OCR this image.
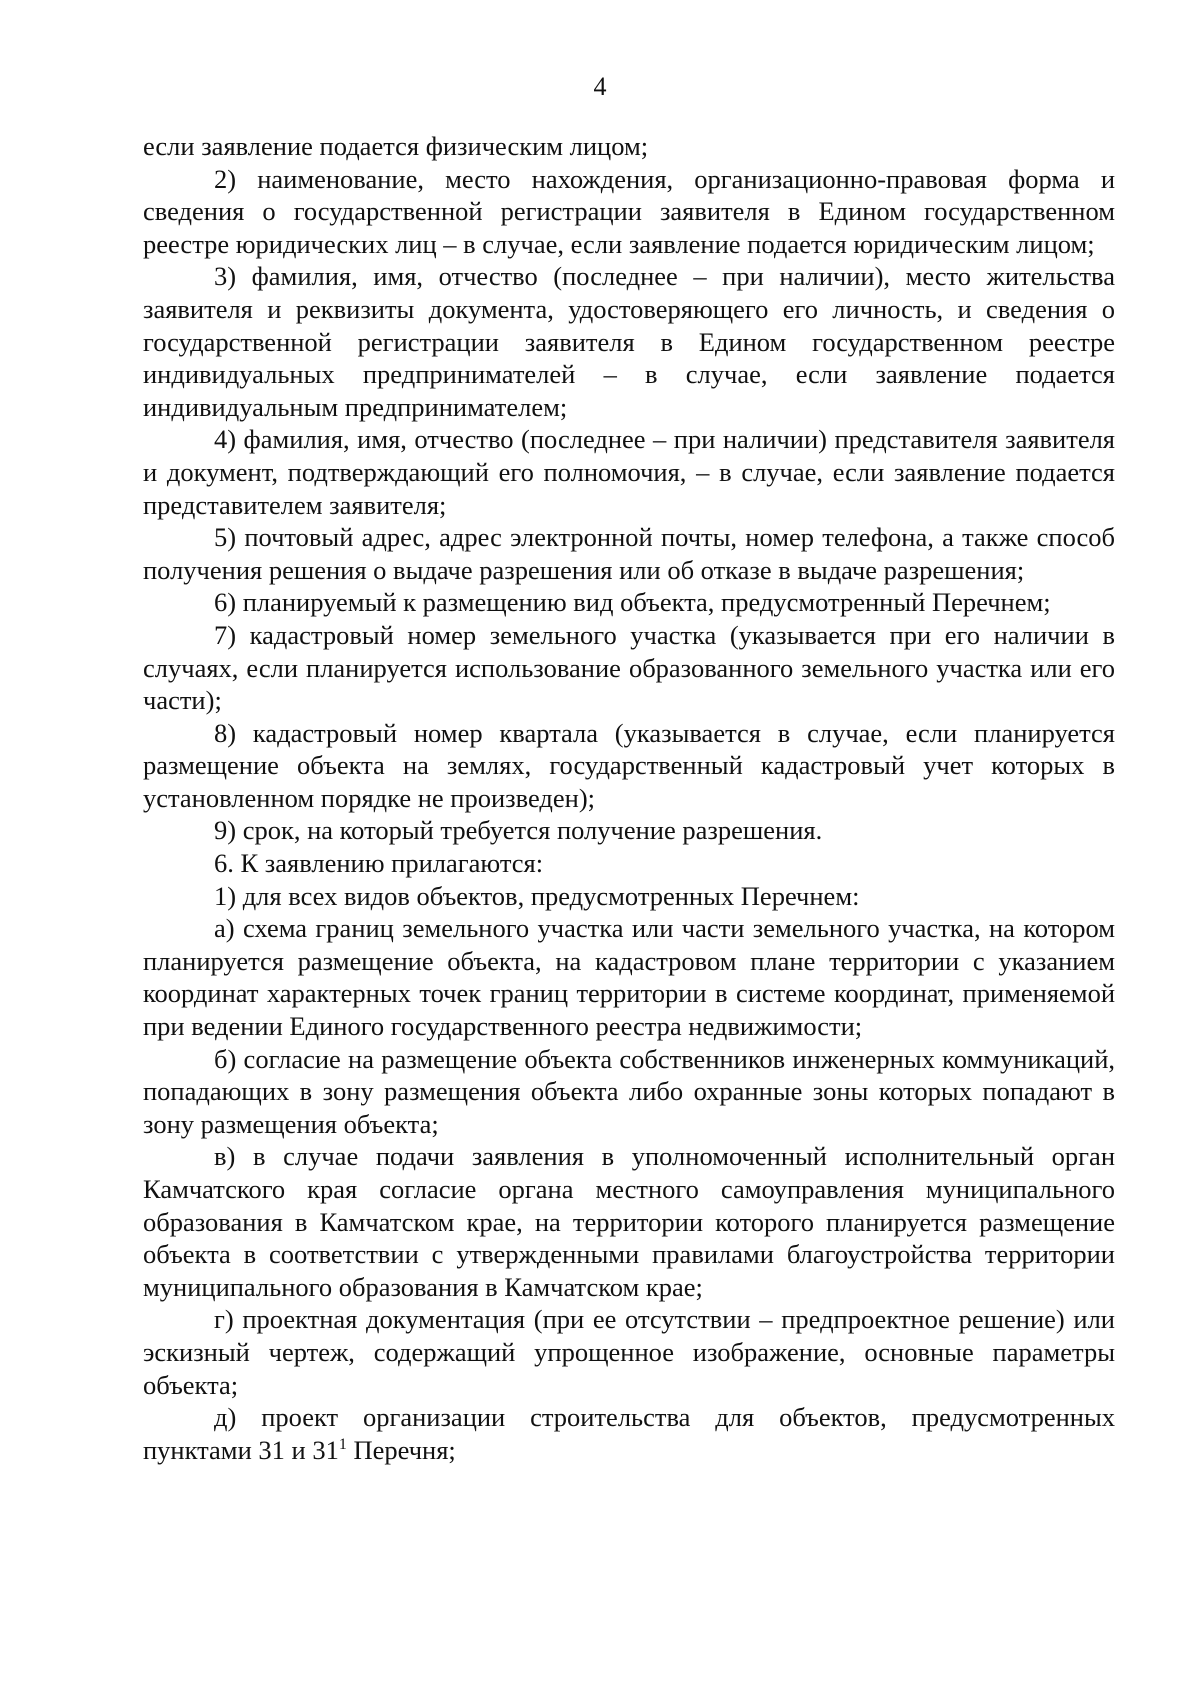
4

если заявление подается физическим лицом;

2) наименование, место нахождения, организационно-правовая форма и сведения о государственной регистрации заявителя в Едином государственном реестре юридических лиц – в случае, если заявление подается юридическим лицом;

3) фамилия, имя, отчество (последнее – при наличии), место жительства заявителя и реквизиты документа, удостоверяющего его личность, и сведения о государственной регистрации заявителя в Едином государственном реестре индивидуальных предпринимателей – в случае, если заявление подается индивидуальным предпринимателем;

4) фамилия, имя, отчество (последнее – при наличии) представителя заявителя и документ, подтверждающий его полномочия, – в случае, если заявление подается представителем заявителя;

5) почтовый адрес, адрес электронной почты, номер телефона, а также способ получения решения о выдаче разрешения или об отказе в выдаче разрешения;

6) планируемый к размещению вид объекта, предусмотренный Перечнем;

7) кадастровый номер земельного участка (указывается при его наличии в случаях, если планируется использование образованного земельного участка или его части);

8) кадастровый номер квартала (указывается в случае, если планируется размещение объекта на землях, государственный кадастровый учет которых в установленном порядке не произведен);

9) срок, на который требуется получение разрешения.

6. К заявлению прилагаются:

1) для всех видов объектов, предусмотренных Перечнем:

а) схема границ земельного участка или части земельного участка, на котором планируется размещение объекта, на кадастровом плане территории с указанием координат характерных точек границ территории в системе координат, применяемой при ведении Единого государственного реестра недвижимости;

б) согласие на размещение объекта собственников инженерных коммуникаций, попадающих в зону размещения объекта либо охранные зоны которых попадают в зону размещения объекта;

в) в случае подачи заявления в уполномоченный исполнительный орган Камчатского края согласие органа местного самоуправления муниципального образования в Камчатском крае, на территории которого планируется размещение объекта в соответствии с утвержденными правилами благоустройства территории муниципального образования в Камчатском крае;

г) проектная документация (при ее отсутствии – предпроектное решение) или эскизный чертеж, содержащий упрощенное изображение, основные параметры объекта;

д) проект организации строительства для объектов, предусмотренных пунктами 31 и $31^1$ Перечня;
